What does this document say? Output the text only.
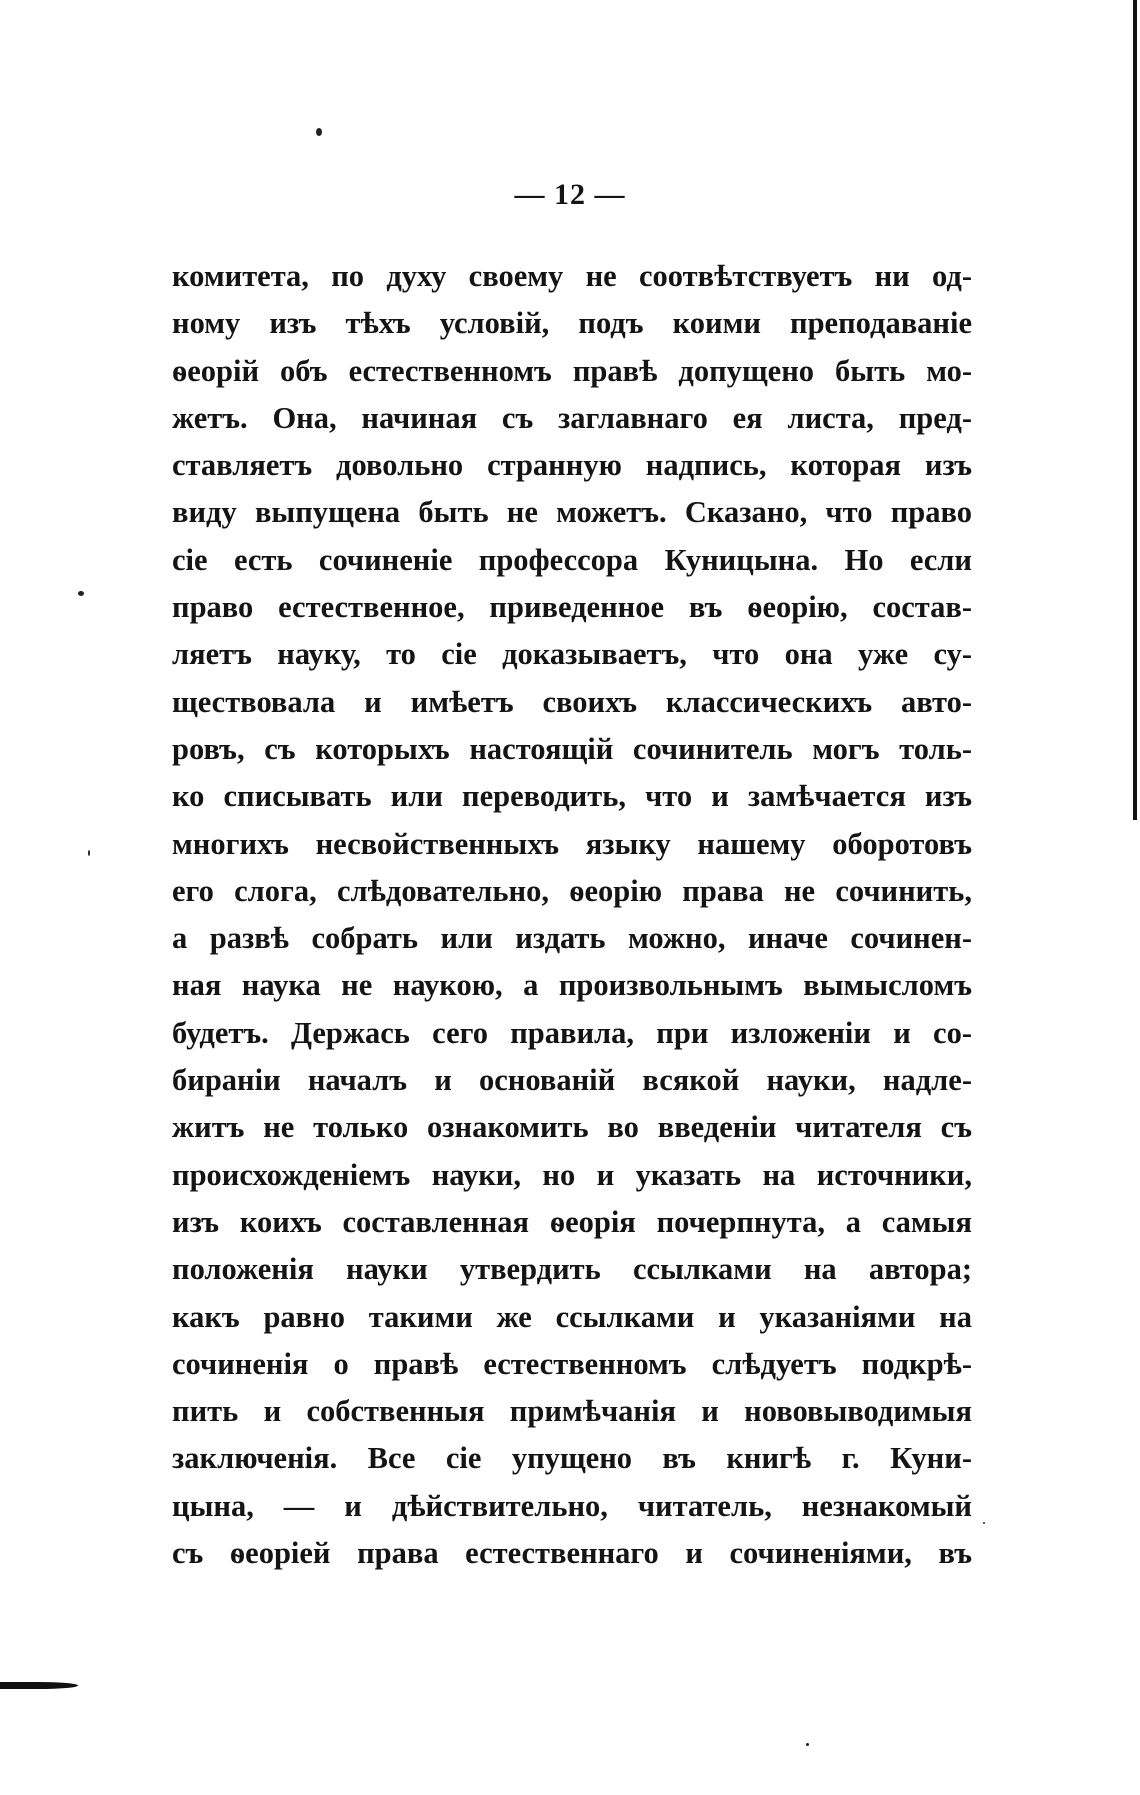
— 12 —
комитета, по духу своему не соотвѣтствуетъ ни од-
ному изъ тѣхъ условій, подъ коими преподаваніе
ѳеорій объ естественномъ правѣ допущено быть мо-
жетъ. Она, начиная съ заглавнаго ея листа, пред-
ставляетъ довольно странную надпись, которая изъ
виду выпущена быть не можетъ. Сказано, что право
сіе есть сочиненіе профессора Куницына. Но если
право естественное, приведенное въ ѳеорію, состав-
ляетъ науку, то сіе доказываетъ, что она уже су-
ществовала и имѣетъ своихъ классическихъ авто-
ровъ, съ которыхъ настоящій сочинитель могъ толь-
ко списывать или переводить, что и замѣчается изъ
многихъ несвойственныхъ языку нашему оборотовъ
его слога, слѣдовательно, ѳеорію права не сочинить,
а развѣ собрать или издать можно, иначе сочинен-
ная наука не наукою, а произвольнымъ вымысломъ
будетъ. Держась сего правила, при изложеніи и со-
бираніи началъ и основаній всякой науки, надле-
житъ не только ознакомить во введеніи читателя съ
происхожденіемъ науки, но и указать на источники,
изъ коихъ составленная ѳеорія почерпнута, а самыя
положенія науки утвердить ссылками на автора;
какъ равно такими же ссылками и указаніями на
сочиненія о правѣ естественномъ слѣдуетъ подкрѣ-
пить и собственныя примѣчанія и нововыводимыя
заключенія. Все сіе упущено въ книгѣ г. Куни-
цына, — и дѣйствительно, читатель, незнакомый
съ ѳеоріей права естественнаго и сочиненіями, въ
